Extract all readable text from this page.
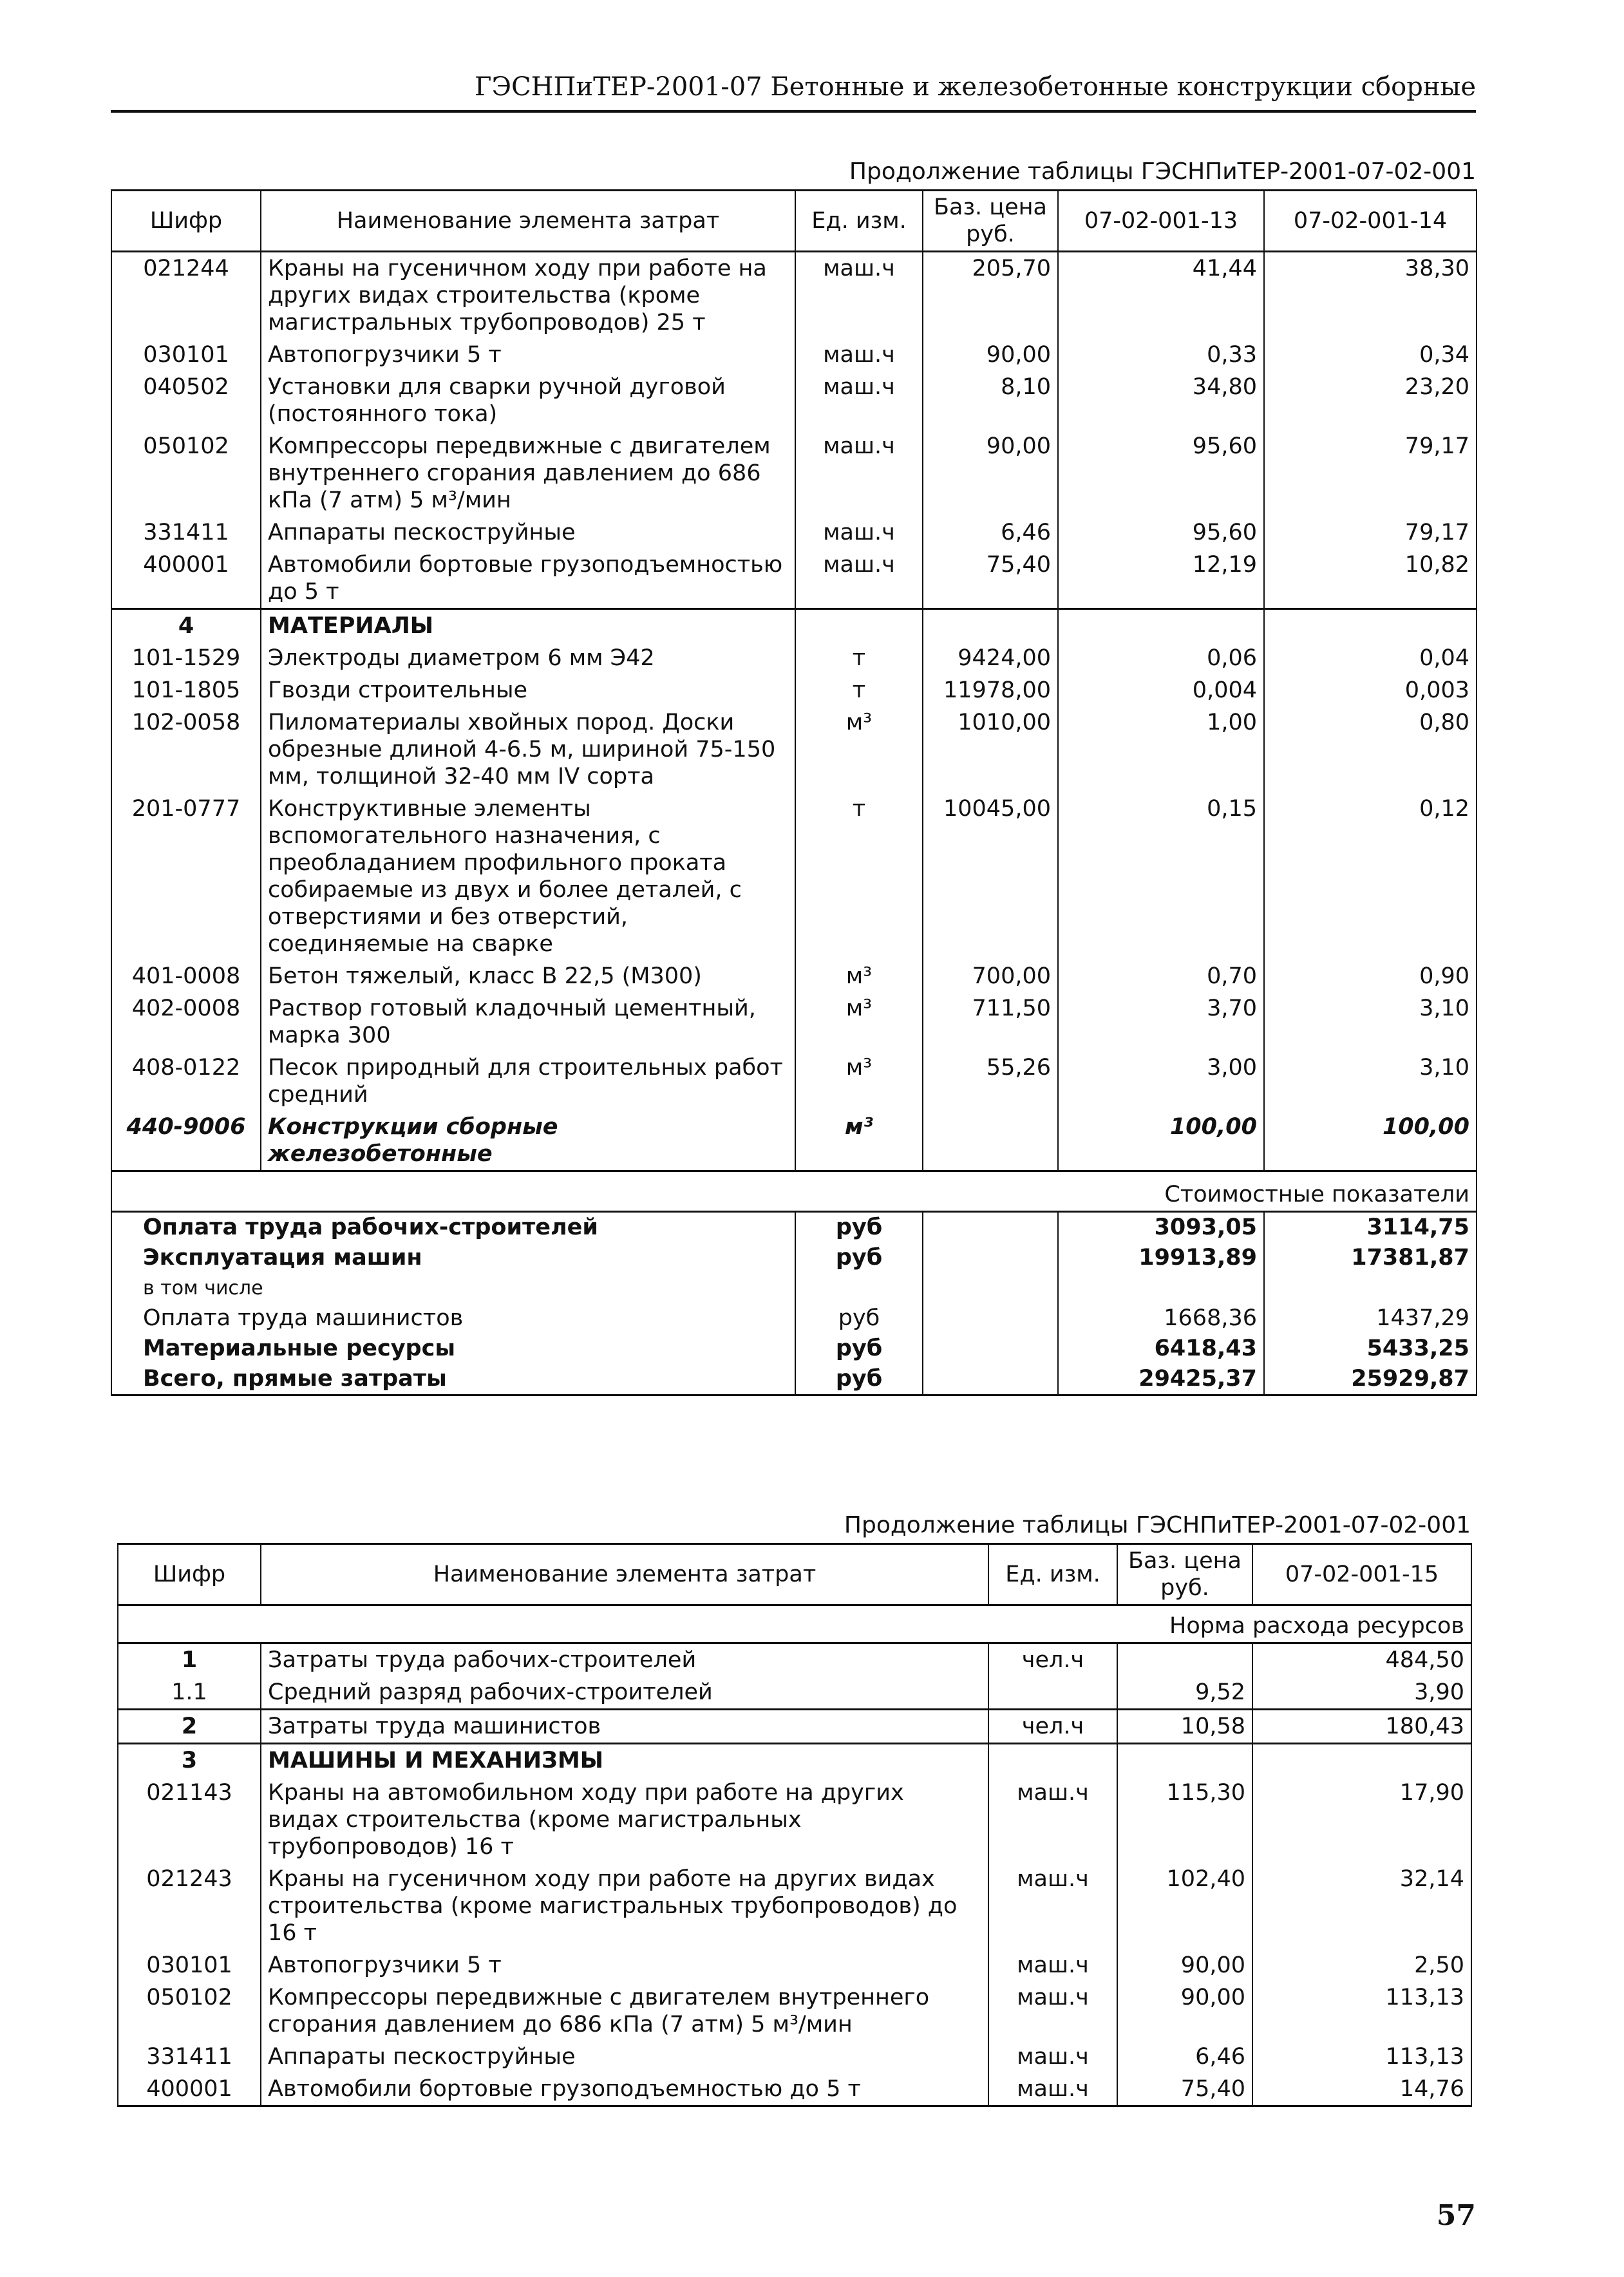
ГЭСНПиТЕР-2001-07 Бетонные и железобетонные конструкции сборные
Продолжение таблицы ГЭСНПиТЕР-2001-07-02-001
Шифр	Наименование элемента затрат	Ед. изм.	Баз. цена руб.	07-02-001-13	07-02-001-14
021244	Краны на гусеничном ходу при работе на других видах строительства (кроме магистральных трубопроводов) 25 т	маш.ч	205,70	41,44	38,30
030101	Автопогрузчики 5 т	маш.ч	90,00	0,33	0,34
040502	Установки для сварки ручной дуговой (постоянного тока)	маш.ч	8,10	34,80	23,20
050102	Компрессоры передвижные с двигателем внутреннего сгорания давлением до 686 кПа (7 атм) 5 м³/мин	маш.ч	90,00	95,60	79,17
331411	Аппараты пескоструйные	маш.ч	6,46	95,60	79,17
400001	Автомобили бортовые грузоподъемностью до 5 т	маш.ч	75,40	12,19	10,82
4	МАТЕРИАЛЫ				
101-1529	Электроды диаметром 6 мм Э42	т	9424,00	0,06	0,04
101-1805	Гвозди строительные	т	11978,00	0,004	0,003
102-0058	Пиломатериалы хвойных пород. Доски обрезные длиной 4-6.5 м, шириной 75-150 мм, толщиной 32-40 мм IV сорта	м³	1010,00	1,00	0,80
201-0777	Конструктивные элементы вспомогательного назначения, с преобладанием профильного проката собираемые из двух и более деталей, с отверстиями и без отверстий, соединяемые на сварке	т	10045,00	0,15	0,12
401-0008	Бетон тяжелый, класс В 22,5 (М300)	м³	700,00	0,70	0,90
402-0008	Раствор готовый кладочный цементный, марка 300	м³	711,50	3,70	3,10
408-0122	Песок природный для строительных работ средний	м³	55,26	3,00	3,10
440-9006	Конструкции сборные железобетонные	м³		100,00	100,00
Стоимостные показатели					
Оплата труда рабочих-строителей		руб		3093,05	3114,75
Эксплуатация машин		руб		19913,89	17381,87
в том числе					
Оплата труда машинистов		руб		1668,36	1437,29
Материальные ресурсы		руб		6418,43	5433,25
Всего, прямые затраты		руб		29425,37	25929,87
Продолжение таблицы ГЭСНПиТЕР-2001-07-02-001
Шифр	Наименование элемента затрат	Ед. изм.	Баз. цена руб.	07-02-001-15
Норма расхода ресурсов				
1	Затраты труда рабочих-строителей	чел.ч		484,50
1.1	Средний разряд рабочих-строителей		9,52	3,90
2	Затраты труда машинистов	чел.ч	10,58	180,43
3	МАШИНЫ И МЕХАНИЗМЫ			
021143	Краны на автомобильном ходу при работе на других видах строительства (кроме магистральных трубопроводов) 16 т	маш.ч	115,30	17,90
021243	Краны на гусеничном ходу при работе на других видах строительства (кроме магистральных трубопроводов) до 16 т	маш.ч	102,40	32,14
030101	Автопогрузчики 5 т	маш.ч	90,00	2,50
050102	Компрессоры передвижные с двигателем внутреннего сгорания давлением до 686 кПа (7 атм) 5 м³/мин	маш.ч	90,00	113,13
331411	Аппараты пескоструйные	маш.ч	6,46	113,13
400001	Автомобили бортовые грузоподъемностью до 5 т	маш.ч	75,40	14,76
57
